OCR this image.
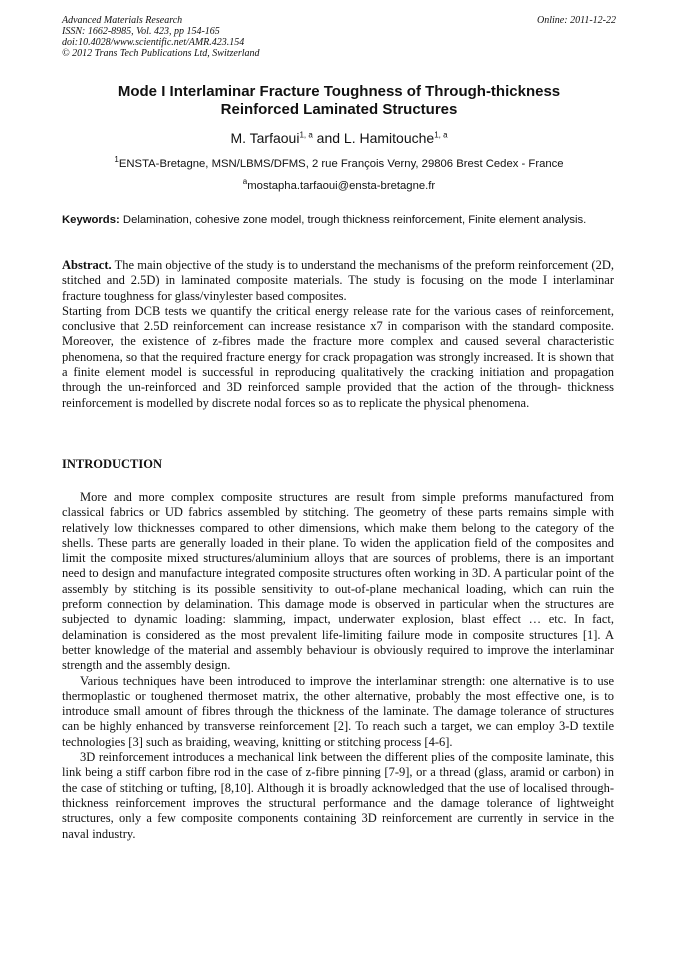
Advanced Materials Research
ISSN: 1662-8985, Vol. 423, pp 154-165
doi:10.4028/www.scientific.net/AMR.423.154
© 2012 Trans Tech Publications Ltd, Switzerland
Online: 2011-12-22
Mode I Interlaminar Fracture Toughness of Through-thickness
Reinforced Laminated Structures
M. Tarfaoui$^{1, a}$ and L. Hamitouche$^{1, a}$
$^1$ENSTA-Bretagne, MSN/LBMS/DFMS, 2 rue François Verny, 29806 Brest Cedex - France
$^a$mostapha.tarfaoui@ensta-bretagne.fr
Keywords: Delamination, cohesive zone model, trough thickness reinforcement, Finite element analysis.

Abstract. The main objective of the study is to understand the mechanisms of the preform reinforcement (2D, stitched and 2.5D) in laminated composite materials. The study is focusing on the mode I interlaminar fracture toughness for glass/vinylester based composites.

Starting from DCB tests we quantify the critical energy release rate for the various cases of reinforcement, conclusive that 2.5D reinforcement can increase resistance x7 in comparison with the standard composite. Moreover, the existence of z-fibres made the fracture more complex and caused several characteristic phenomena, so that the required fracture energy for crack propagation was strongly increased. It is shown that a finite element model is successful in reproducing qualitatively the cracking initiation and propagation through the un-reinforced and 3D reinforced sample provided that the action of the through- thickness reinforcement is modelled by discrete nodal forces so as to replicate the physical phenomena.

INTRODUCTION

More and more complex composite structures are result from simple preforms manufactured from classical fabrics or UD fabrics assembled by stitching. The geometry of these parts remains simple with relatively low thicknesses compared to other dimensions, which make them belong to the category of the shells. These parts are generally loaded in their plane. To widen the application field of the composites and limit the composite mixed structures/aluminium alloys that are sources of problems, there is an important need to design and manufacture integrated composite structures often working in 3D. A particular point of the assembly by stitching is its possible sensitivity to out-of-plane mechanical loading, which can ruin the preform connection by delamination. This damage mode is observed in particular when the structures are subjected to dynamic loading: slamming, impact, underwater explosion, blast effect … etc. In fact, delamination is considered as the most prevalent life-limiting failure mode in composite structures [1]. A better knowledge of the material and assembly behaviour is obviously required to improve the interlaminar strength and the assembly design.

Various techniques have been introduced to improve the interlaminar strength: one alternative is to use thermoplastic or toughened thermoset matrix, the other alternative, probably the most effective one, is to introduce small amount of fibres through the thickness of the laminate. The damage tolerance of structures can be highly enhanced by transverse reinforcement [2]. To reach such a target, we can employ 3-D textile technologies [3] such as braiding, weaving, knitting or stitching process [4-6].

3D reinforcement introduces a mechanical link between the different plies of the composite laminate, this link being a stiff carbon fibre rod in the case of z-fibre pinning [7-9], or a thread (glass, aramid or carbon) in the case of stitching or tufting, [8,10]. Although it is broadly acknowledged that the use of localised through- thickness reinforcement improves the structural performance and the damage tolerance of lightweight structures, only a few composite components containing 3D reinforcement are currently in service in the naval industry.
